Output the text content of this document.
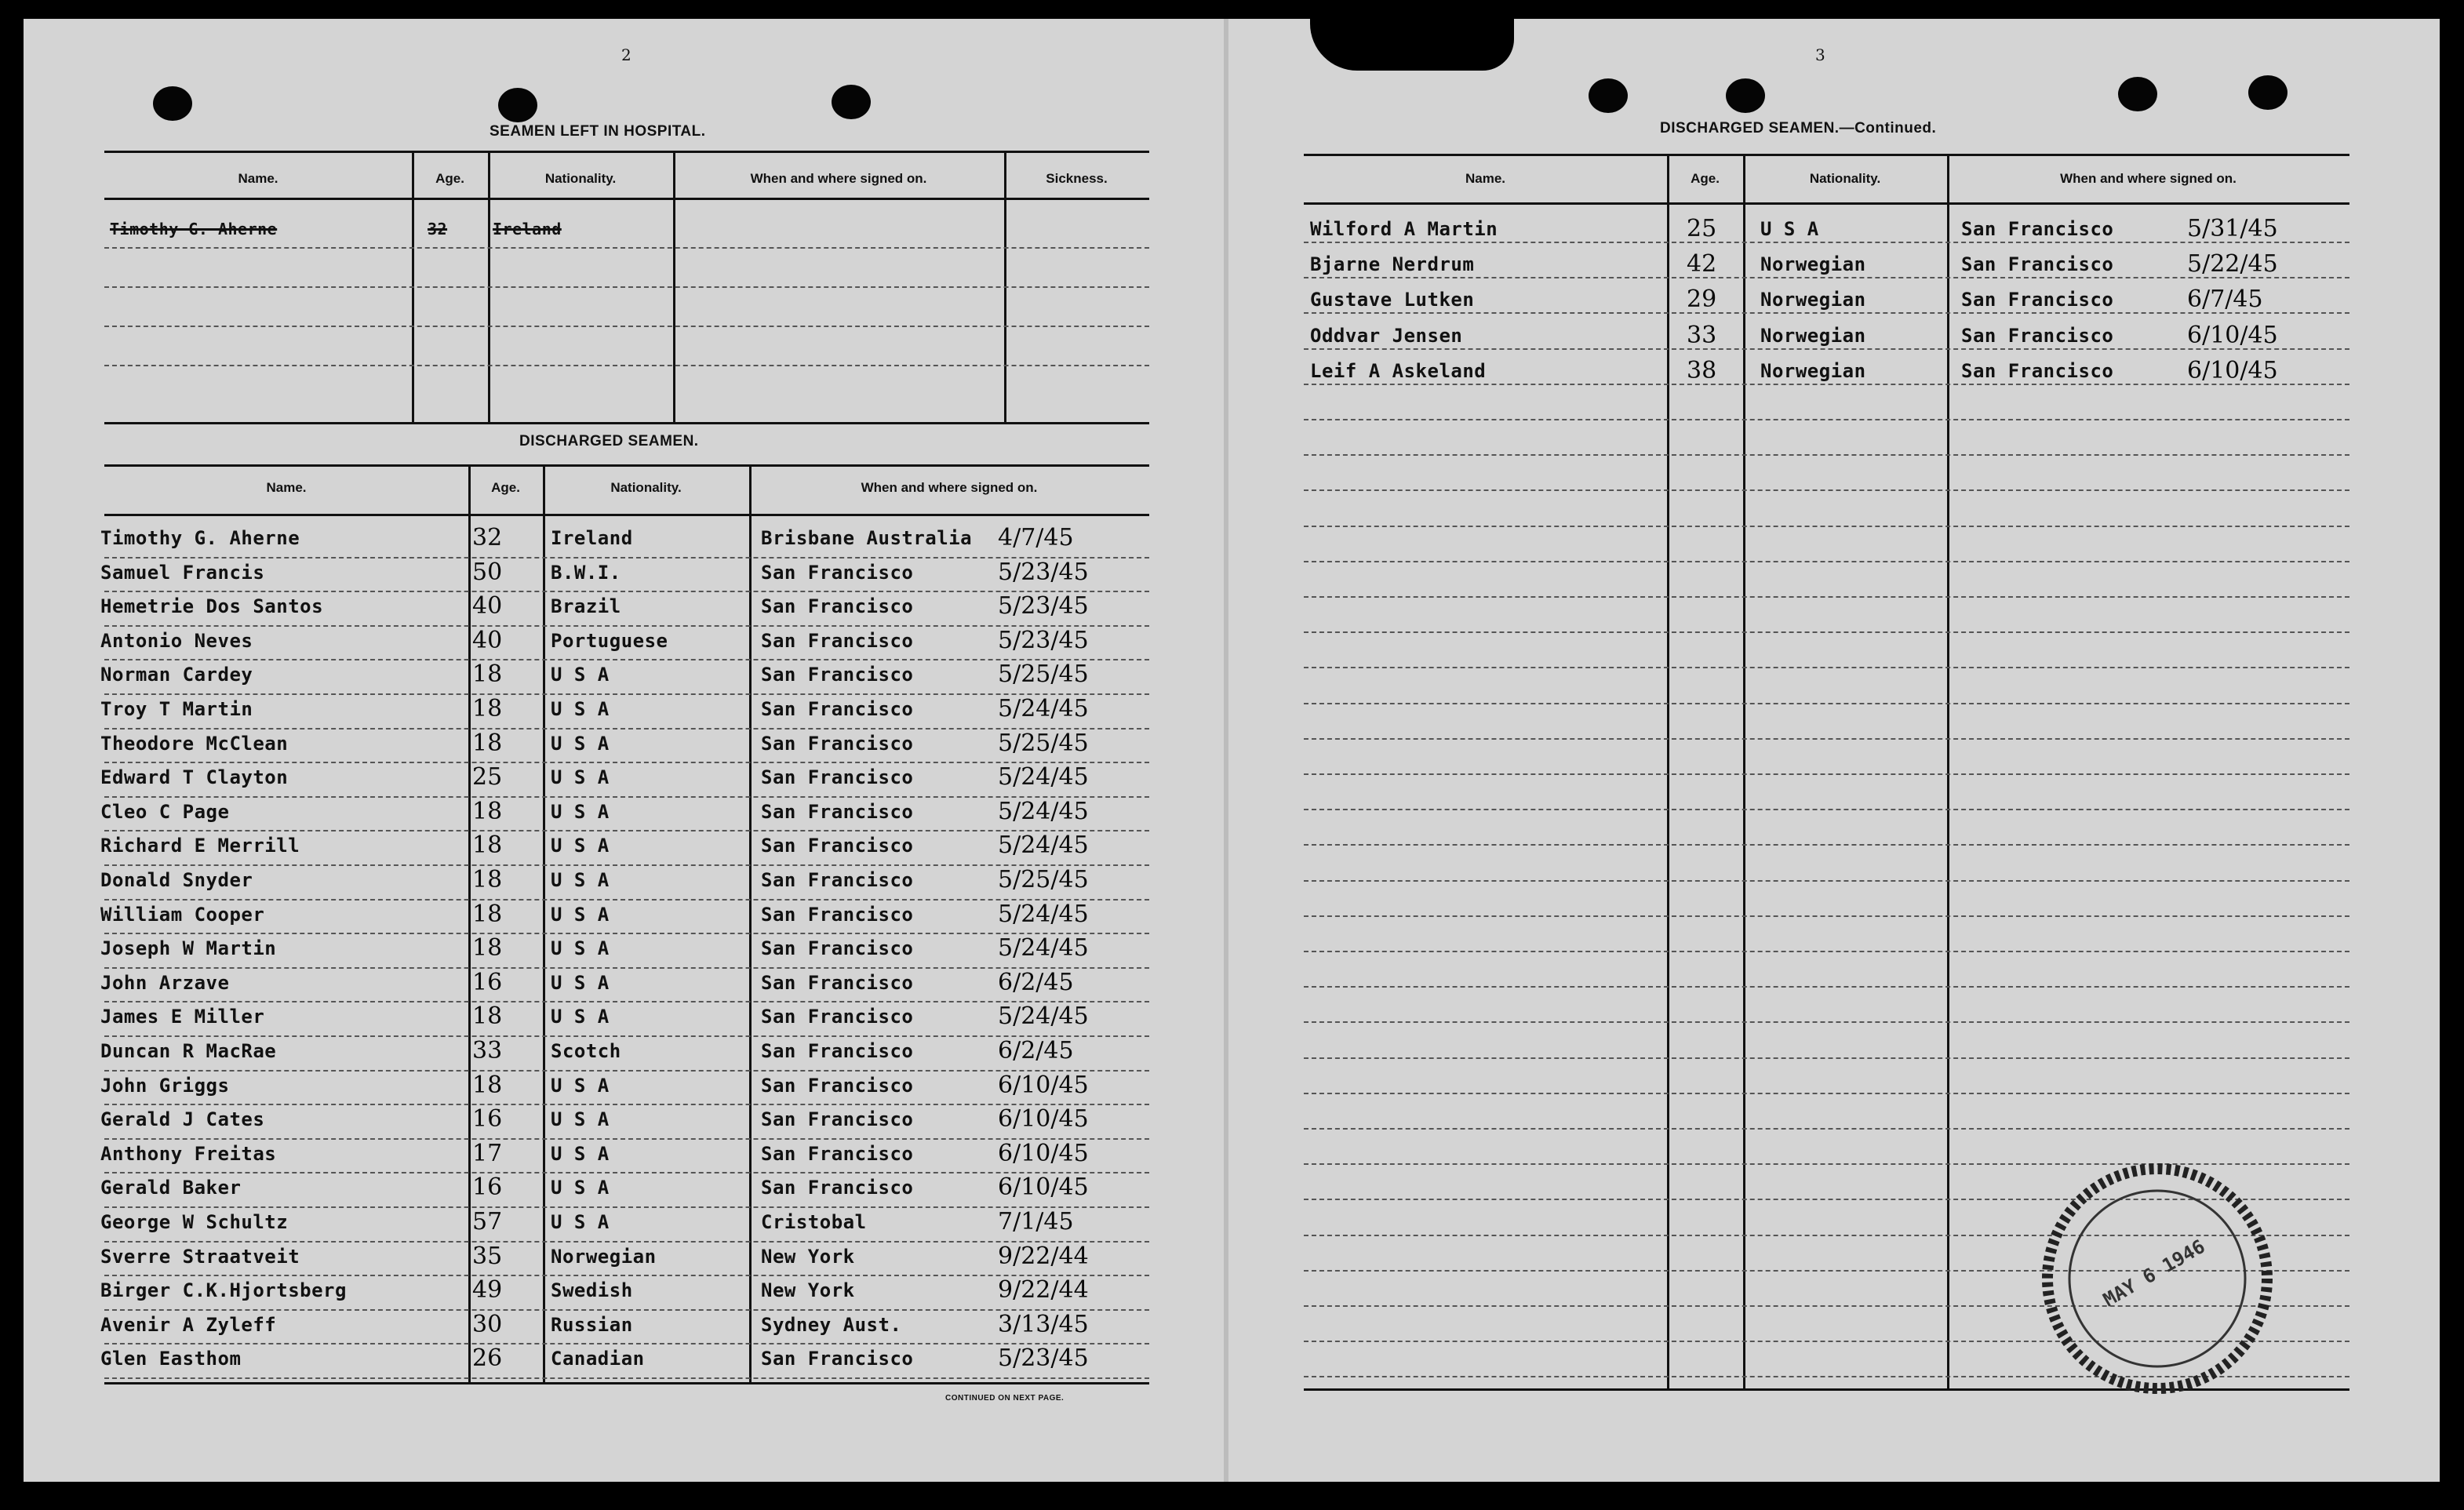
2
SEAMEN LEFT IN HOSPITAL.
Name.	Age.	Nationality.	When and where signed on.	Sickness.
Timothy G. Aherne	32	Ireland
DISCHARGED SEAMEN.
Name.	Age.	Nationality.	When and where signed on.
Timothy G. Aherne	32	Ireland	Brisbane Australia 4/7/45
Samuel Francis	50	B.W.I.	San Francisco	5/23/45
Hemetrie Dos Santos	40	Brazil	San Francisco	5/23/45
Antonio Neves	40	Portuguese	San Francisco	5/23/45
Norman Cardey	18	U S A	San Francisco	5/25/45
Troy T Martin	18	U S A	San Francisco	5/24/45
Theodore McClean	18	U S A	San Francisco	5/25/45
Edward T Clayton	25	U S A	San Francisco	5/24/45
Cleo C Page	18	U S A	San Francisco	5/24/45
Richard E Merrill	18	U S A	San Francisco	5/24/45
Donald Snyder	18	U S A	San Francisco	5/25/45
William Cooper	18	U S A	San Francisco	5/24/45
Joseph W Martin	18	U S A	San Francisco	5/24/45
John Arzave	16	U S A	San Francisco	6/2/45
James E Miller	18	U S A	San Francisco	5/24/45
Duncan R MacRae	33	Scotch	San Francisco	6/2/45
John Griggs	18	U S A	San Francisco	6/10/45
Gerald J Cates	16	U S A	San Francisco	6/10/45
Anthony Freitas	17	U S A	San Francisco	6/10/45
Gerald Baker	16	U S A	San Francisco	6/10/45
George W Schultz	57	U S A	Cristobal	7/1/45
Sverre Straatveit	35	Norwegian	New York	9/22/44
Birger C.K.Hjortsberg	49	Swedish	New York	9/22/44
Avenir A Zyleff	30	Russian	Sydney Aust.	3/13/45
Glen Easthom	26	Canadian	San Francisco	5/23/45
CONTINUED ON NEXT PAGE.
3
DISCHARGED SEAMEN.—Continued.
Name.	Age.	Nationality.	When and where signed on.
Wilford A Martin	25 U S A	San Francisco	5/31/45
Bjarne Nerdrum	42 Norwegian	San Francisco	5/22/45
Gustave Lutken	29 Norwegian	San Francisco	6/7/45
Oddvar Jensen	33 Norwegian	San Francisco	6/10/45
Leif A Askeland	38 Norwegian	San Francisco	6/10/45
MAY 6 1946
